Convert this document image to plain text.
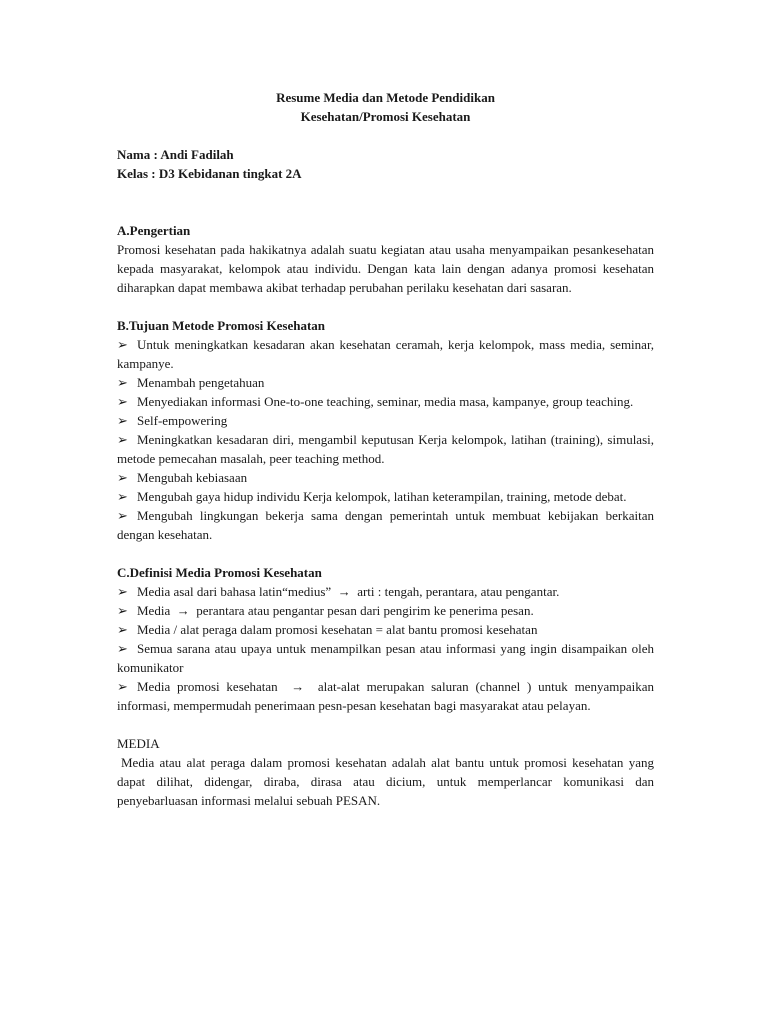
Resume Media dan Metode Pendidikan
Kesehatan/Promosi Kesehatan
Nama : Andi Fadilah
Kelas : D3 Kebidanan tingkat 2A
A.Pengertian
Promosi kesehatan pada hakikatnya adalah suatu kegiatan atau usaha menyampaikan pesankesehatan kepada masyarakat, kelompok atau individu. Dengan kata lain dengan adanya promosi kesehatan diharapkan dapat membawa akibat terhadap perubahan perilaku kesehatan dari sasaran.
B.Tujuan Metode Promosi Kesehatan
➢ Untuk meningkatkan kesadaran akan kesehatan ceramah, kerja kelompok, mass media, seminar, kampanye.
➢ Menambah pengetahuan
➢ Menyediakan informasi One-to-one teaching, seminar, media masa, kampanye, group teaching.
➢ Self-empowering
➢ Meningkatkan kesadaran diri, mengambil keputusan Kerja kelompok, latihan (training), simulasi, metode pemecahan masalah, peer teaching method.
➢ Mengubah kebiasaan
➢ Mengubah gaya hidup individu Kerja kelompok, latihan keterampilan, training, metode debat.
➢ Mengubah lingkungan bekerja sama dengan pemerintah untuk membuat kebijakan berkaitan dengan kesehatan.
C.Definisi Media Promosi Kesehatan
➢ Media asal dari bahasa latin“medius” → arti : tengah, perantara, atau pengantar.
➢ Media → perantara atau pengantar pesan dari pengirim ke penerima pesan.
➢ Media / alat peraga dalam promosi kesehatan = alat bantu promosi kesehatan
➢ Semua sarana atau upaya untuk menampilkan pesan atau informasi yang ingin disampaikan oleh komunikator
➢ Media promosi kesehatan → alat-alat merupakan saluran (channel ) untuk menyampaikan informasi, mempermudah penerimaan pesn-pesan kesehatan bagi masyarakat atau pelayan.
MEDIA
Media atau alat peraga dalam promosi kesehatan adalah alat bantu untuk promosi kesehatan yang dapat dilihat, didengar, diraba, dirasa atau dicium, untuk memperlancar komunikasi dan penyebarluasan informasi melalui sebuah PESAN.
